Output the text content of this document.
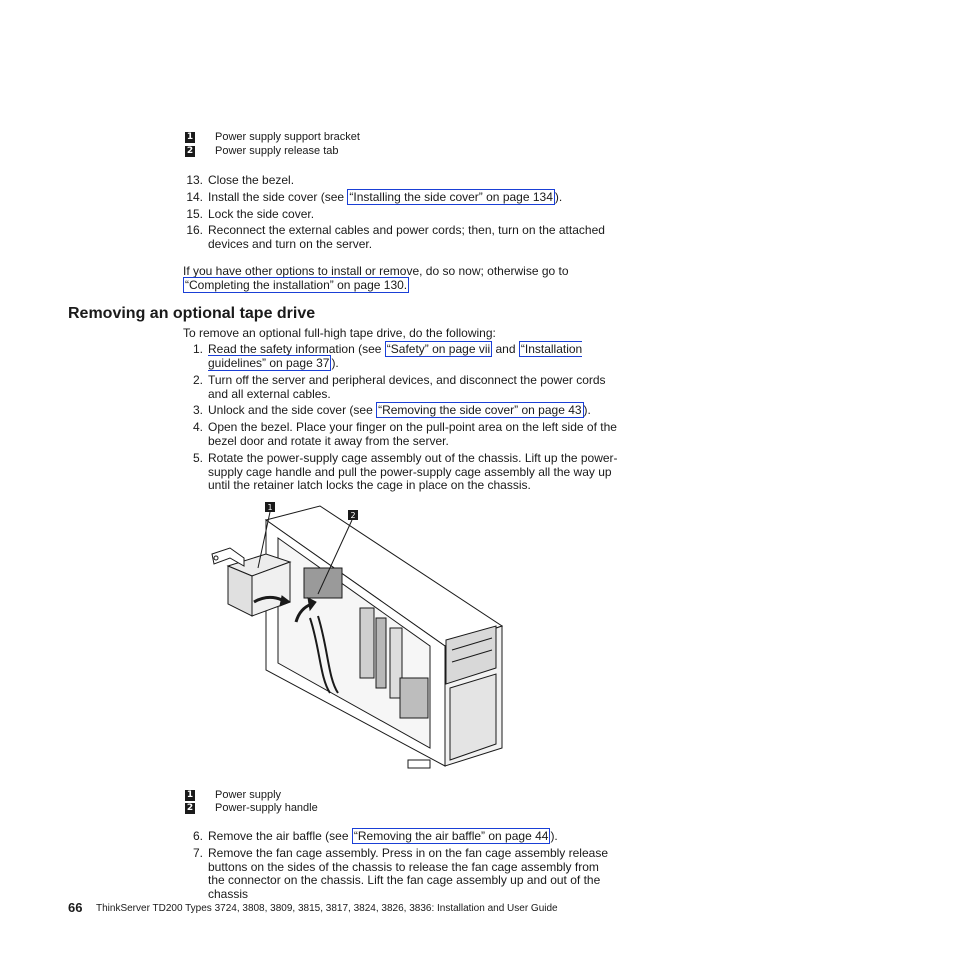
1 Power supply support bracket
2 Power supply release tab
13. Close the bezel.
14. Install the side cover (see “Installing the side cover” on page 134 ).
15. Lock the side cover.
16. Reconnect the external cables and power cords; then, turn on the attached devices and turn on the server.
If you have other options to install or remove, do so now; otherwise go to
“Completing the installation” on page 130.
Removing an optional tape drive
To remove an optional full-high tape drive, do the following:
1. Read the safety information (see “Safety” on page vii and “Installation guidelines” on page 37 ).
2. Turn off the server and peripheral devices, and disconnect the power cords and all external cables.
3. Unlock and the side cover (see “Removing the side cover” on page 43 ).
4. Open the bezel. Place your finger on the pull-point area on the left side of the bezel door and rotate it away from the server.
5. Rotate the power-supply cage assembly out of the chassis. Lift up the power-supply cage handle and pull the power-supply cage assembly all the way up until the retainer latch locks the cage in place on the chassis.
1
2
1 Power supply
2 Power-supply handle
6. Remove the air baffle (see “Removing the air baffle” on page 44 ).
7. Remove the fan cage assembly. Press in on the fan cage assembly release buttons on the sides of the chassis to release the fan cage assembly from the connector on the chassis. Lift the fan cage assembly up and out of the chassis
66 ThinkServer TD200 Types 3724, 3808, 3809, 3815, 3817, 3824, 3826, 3836: Installation and User Guide
